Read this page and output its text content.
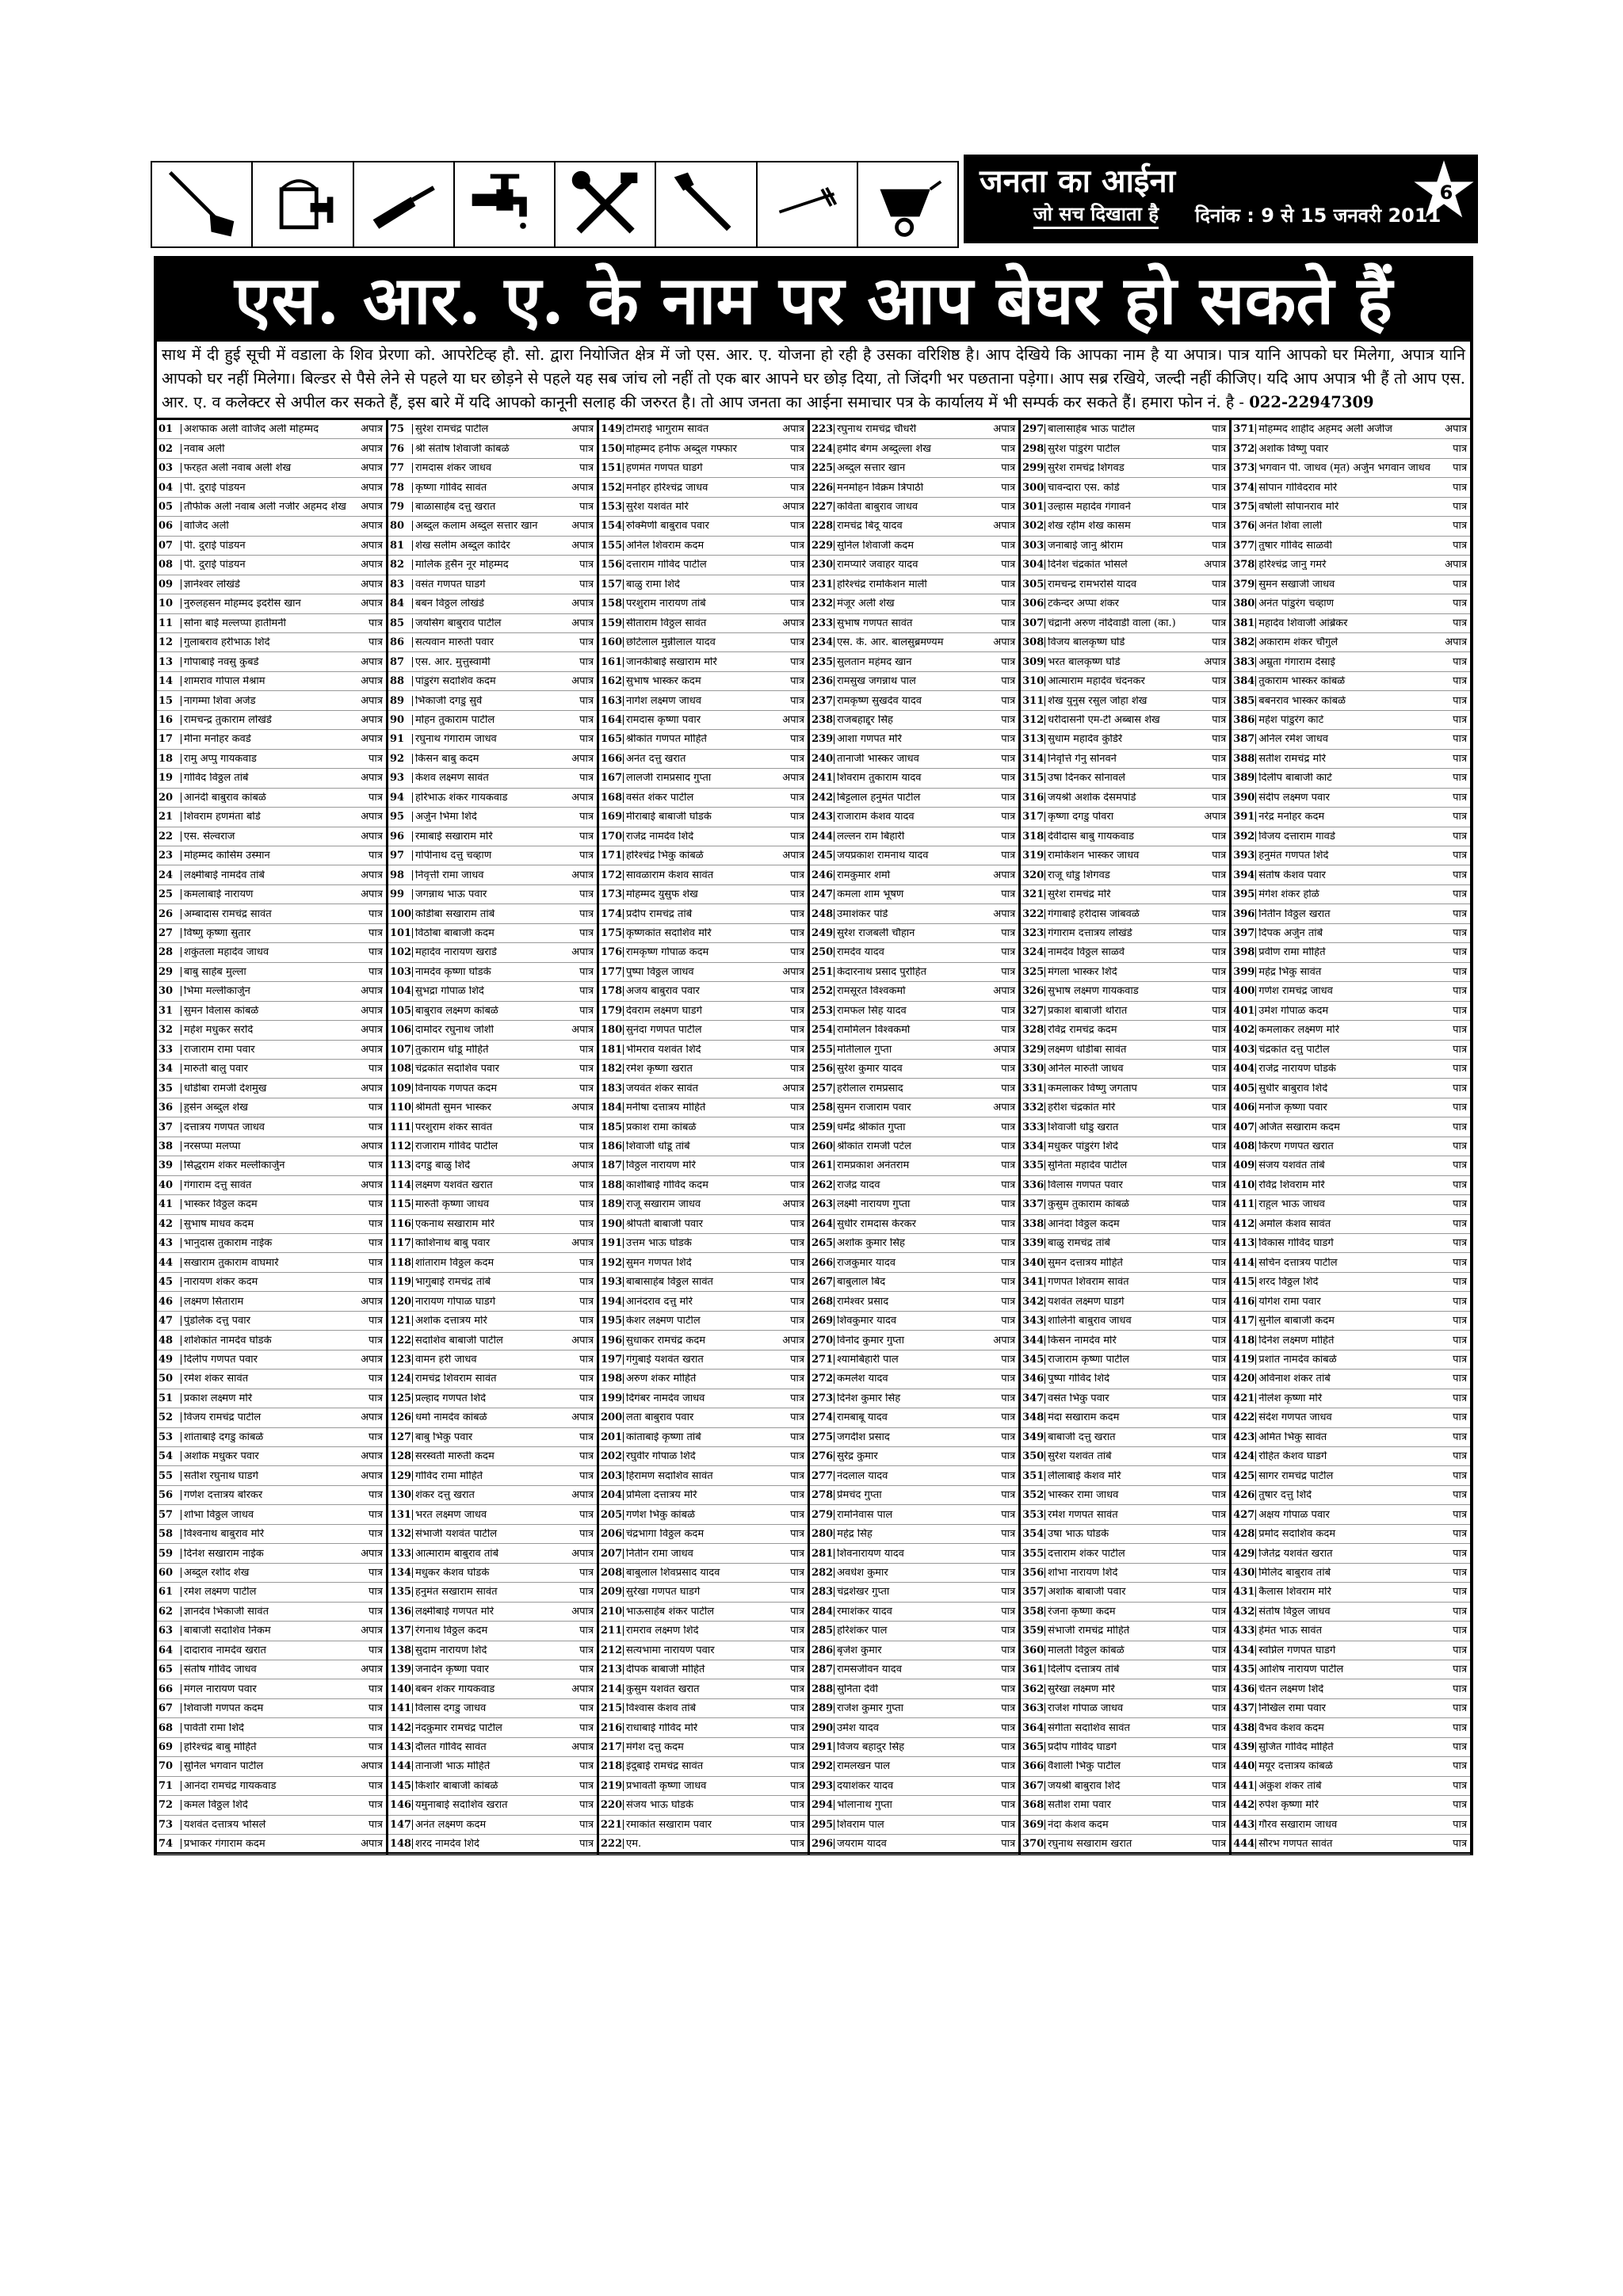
जनता का आईना
जो सच दिखाता है दिनांक : 9 से 15 जनवरी 2011
6
एस. आर. ए. के नाम पर आप बेघर हो सकते हैं
साथ में दी हुई सूची में वडाला के शिव प्रेरणा को. आपरेटिव्ह हौ. सो. द्वारा नियोजित क्षेत्र में जो एस. आर. ए. योजना हो रही है उसका वरिशिष्ठ है। आप देखिये कि आपका नाम है या अपात्र। पात्र यानि आपको घर मिलेगा, अपात्र यानि आपको घर नहीं मिलेगा। बिल्डर से पैसे लेने से पहले या घर छोड़ने से पहले यह सब जांच लो नहीं तो एक बार आपने घर छोड़ दिया, तो जिंदगी भर पछताना पड़ेगा। आप सब्र रखिये, जल्दी नहीं कीजिए। यदि आप अपात्र भी हैं तो आप एस. आर. ए. व कलेक्टर से अपील कर सकते हैं, इस बारे में यदि आपको कानूनी सलाह की जरुरत है। तो आप जनता का आईना समाचार पत्र के कार्यालय में भी सम्पर्क कर सकते हैं। हमारा फोन नं. है - 022-22947309
01	अशफाक अली वाजिद अली मोहम्मद	अपात्र
02	नवाब अली	अपात्र
03	फरहत अली नवाब अली शेख	अपात्र
04	पी. दुराई पांडयन	अपात्र
05	तौफीक अली नवाब अली नजीर अहमद शेख	अपात्र
06	वाजिद अली	अपात्र
07	पी. दुराई पांडयन	अपात्र
08	पी. दुराई पांडयन	अपात्र
09	ज्ञानेश्वर लोखंडे	अपात्र
10	नुरुलहसन मोहम्मद इदरीस खान	अपात्र
11	सोना बाई मल्लप्पा हातीमनी	पात्र
12	गुलाबराव हरीभाऊ शिंदे	पात्र
13	गोपाबाई नवसु कुबडे	अपात्र
14	शामराव गोपाल मेश्राम	अपात्र
15	नागम्मा शिवा अजेंड	अपात्र
16	रामचन्द्र तुकाराम लोखंडे	अपात्र
17	मीना मनोहर कवडे	अपात्र
18	रामु अप्पु गायकवाड	पात्र
19	गोविंद विठ्ठल तांबे	अपात्र
20	आनंदी बाबुराव कांबळे	पात्र
21	शिवराम हणमंता बोडे	अपात्र
22	एस. सेल्वराज	अपात्र
23	मोहम्मद कासिम उस्मान	पात्र
24	लक्ष्मीबाई नामदेव तांबे	अपात्र
25	कमलाबाई नारायण	अपात्र
26	अम्बादास रामचंद्र सावंत	पात्र
27	विष्णु कृष्णा सुतार	पात्र
28	शकुंतला महादेव जाधव	पात्र
29	बाबु साहेब मुल्ला	पात्र
30	भिमा मल्लीकार्जुन	अपात्र
31	सुमन विलास कांबळे	अपात्र
32	महेश मधुकर सरोदे	अपात्र
33	राजाराम रामा पवार	अपात्र
34	मारुती बालु पवार	पात्र
35	धोंडीबा रामजी देशमुख	अपात्र
36	हुसेन अब्दुल शेख	पात्र
37	दत्तात्रय गणपत जाधव	पात्र
38	नरसप्पा मलप्पा	अपात्र
39	सिद्धराम शंकर मल्लीकार्जुन	पात्र
40	गंगाराम दत्तु सावंत	अपात्र
41	भास्कर विठ्ठल कदम	पात्र
42	सुभाष माधव कदम	पात्र
43	भानुदास तुकाराम नाईक	पात्र
44	सखाराम तुकाराम वाघमारे	पात्र
45	नारायण शंकर कदम	पात्र
46	लक्ष्मण सिताराम	अपात्र
47	पुंडलिक दत्तु पवार	पात्र
48	शशिकांत नामदेव घोडके	पात्र
49	दिलीप गणपत पवार	अपात्र
50	रमेश शंकर सावंत	पात्र
51	प्रकाश लक्ष्मण मोरे	पात्र
52	विजय रामचंद्र पाटील	अपात्र
53	शांताबाई दगडु कांबळे	पात्र
54	अशोक मधुकर पवार	अपात्र
55	सतीश रघुनाथ घाडगे	अपात्र
56	गणेश दत्तात्रय बोरकर	पात्र
57	शोभा विठ्ठल जाधव	पात्र
58	विश्वनाथ बाबुराव मोरे	पात्र
59	दिनेश सखाराम नाईक	अपात्र
60	अब्दुल रशीद शेख	पात्र
61	रमेश लक्ष्मण पाटील	पात्र
62	ज्ञानदेव भिकाजी सावंत	पात्र
63	बाबाजी सदाशिव निकम	अपात्र
64	दादाराव नामदेव खरात	पात्र
65	संतोष गोविंद जाधव	अपात्र
66	मंगल नारायण पवार	पात्र
67	शिवाजी गणपत कदम	पात्र
68	पार्वती रामा शिंदे	पात्र
69	हरिश्चंद्र बाबु मोहिते	पात्र
70	सुनिल भगवान पाटील	अपात्र
71	आनंदा रामचंद्र गायकवाड	पात्र
72	कमल विठ्ठल शिंदे	पात्र
73	यशवंत दत्तात्रय भोसले	पात्र
74	प्रभाकर गंगाराम कदम	अपात्र
75	सुरेश रामचंद्र पाटील	अपात्र
76	श्री संतोष शिवाजी कांबळे	पात्र
77	रामदास शंकर जाधव	पात्र
78	कृष्णा गोविंद सावंत	अपात्र
79	बाळासाहेब दत्तु खरात	पात्र
80	अब्दुल कलाम अब्दुल सत्तार खान	अपात्र
81	शेख सलीम अब्दुल कादिर	अपात्र
82	मालिक हुसैन नूर मोहम्मद	पात्र
83	वसंत गणपत घाडगे	पात्र
84	बबन विठ्ठल लोखंडे	अपात्र
85	जयसिंग बाबुराव पाटील	अपात्र
86	सत्यवान मारुती पवार	पात्र
87	एस. आर. मुत्तुस्वामी	पात्र
88	पांडुरंग सदाशिव कदम	अपात्र
89	भिकाजी दगडु सुर्वे	पात्र
90	मोहन तुकाराम पाटील	पात्र
91	रघुनाथ गंगाराम जाधव	पात्र
92	किसन बाबु कदम	अपात्र
93	केशव लक्ष्मण सावंत	पात्र
94	हरिभाऊ शंकर गायकवाड	अपात्र
95	अर्जुन भिमा शिंदे	पात्र
96	रमाबाई सखाराम मोरे	पात्र
97	गोपीनाथ दत्तु चव्हाण	पात्र
98	निवृत्ती रामा जाधव	अपात्र
99	जगन्नाथ भाऊ पवार	पात्र
100 कोंडीबा सखाराम तांबे	पात्र
101 विठोबा बाबाजी कदम	पात्र
102 महादेव नारायण खराडे	अपात्र
103 नामदेव कृष्णा घोडके	पात्र
104 सुभद्रा गोपाळ शिंदे	पात्र
105 बाबुराव लक्ष्मण कांबळे	पात्र
106 दामोदर रघुनाथ जोशी	अपात्र
107 तुकाराम धोंडू मोहिते	पात्र
108 चंद्रकांत सदाशिव पवार	पात्र
109 विनायक गणपत कदम	पात्र
110 श्रीमती सुमन भास्कर	अपात्र
111 परशुराम शंकर सावंत	पात्र
112 राजाराम गोविंद पाटील	पात्र
113 दगडु बाळु शिंदे	अपात्र
114 लक्ष्मण यशवंत खरात	पात्र
115 मारुती कृष्णा जाधव	पात्र
116 एकनाथ सखाराम मोरे	पात्र
117 काशिनाथ बाबु पवार	अपात्र
118 शांताराम विठ्ठल कदम	पात्र
119 भागुबाई रामचंद्र तांबे	पात्र
120 नारायण गोपाळ घाडगे	पात्र
121 अशोक दत्तात्रय मोरे	पात्र
122 सदाशिव बाबाजी पाटील	अपात्र
123 वामन हरी जाधव	पात्र
124 रामचंद्र शिवराम सावंत	पात्र
125 प्रल्हाद गणपत शिंदे	पात्र
126 धर्मा नामदेव कांबळे	अपात्र
127 बाबु भिकु पवार	पात्र
128 सरस्वती मारुती कदम	पात्र
129 गोविंद रामा मोहिते	पात्र
130 शंकर दत्तु खरात	अपात्र
131 भरत लक्ष्मण जाधव	पात्र
132 संभाजी यशवंत पाटील	पात्र
133 आत्माराम बाबुराव तांबे	अपात्र
134 मधुकर केशव घोडके	पात्र
135 हनुमंत सखाराम सावंत	पात्र
136 लक्ष्मीबाई गणपत मोरे	अपात्र
137 रंगनाथ विठ्ठल कदम	पात्र
138 सुदाम नारायण शिंदे	पात्र
139 जनार्दन कृष्णा पवार	पात्र
140 बबन शंकर गायकवाड	अपात्र
141 विलास दगडु जाधव	पात्र
142 नंदकुमार रामचंद्र पाटील	पात्र
143 दौलत गोविंद सावंत	अपात्र
144 तानाजी भाऊ मोहिते	पात्र
145 किशोर बाबाजी कांबळे	पात्र
146 यमुनाबाई सदाशिव खरात	पात्र
147 अनंत लक्ष्मण कदम	पात्र
148 शरद नामदेव शिंदे	पात्र
149 टोमराई भागुराम सावंत	अपात्र
150 मोहम्मद हनीफ अब्दुल गफ्फार	पात्र
151 हणमंत गणपत घाडगे	पात्र
152 मनोहर हरिश्चंद्र जाधव	पात्र
153 सुरेश यशवंत मोरे	अपात्र
154 रुक्मिणी बाबुराव पवार	पात्र
155 अनिल शिवराम कदम	पात्र
156 दत्ताराम गोविंद पाटील	पात्र
157 बाळु रामा शिंदे	पात्र
158 परशुराम नारायण तांबे	पात्र
159 सीताराम विठ्ठल सावंत	अपात्र
160 छोटेलाल मुन्नीलाल यादव	पात्र
161 जानकीबाई सखाराम मोरे	पात्र
162 सुभाष भास्कर कदम	पात्र
163 नागेश लक्ष्मण जाधव	पात्र
164 रामदास कृष्णा पवार	अपात्र
165 श्रीकांत गणपत मोहिते	पात्र
166 अनंत दत्तु खरात	पात्र
167 लालजी रामप्रसाद गुप्ता	अपात्र
168 वसंत शंकर पाटील	पात्र
169 मीराबाई बाबाजी घोडके	पात्र
170 राजेंद्र नामदेव शिंदे	पात्र
171 हरिश्चंद्र भिकु कांबळे	अपात्र
172 सावळाराम केशव सावंत	पात्र
173 मोहम्मद युसुफ शेख	पात्र
174 प्रदीप रामचंद्र तांबे	पात्र
175 कृष्णकांत सदाशिव मोरे	पात्र
176 रामकृष्ण गोपाळ कदम	पात्र
177 पुष्पा विठ्ठल जाधव	अपात्र
178 अजय बाबुराव पवार	पात्र
179 देवराम लक्ष्मण घाडगे	पात्र
180 सुनंदा गणपत पाटील	पात्र
181 भीमराव यशवंत शिंदे	पात्र
182 रमेश कृष्णा खरात	पात्र
183 जयवंत शंकर सावंत	अपात्र
184 मनीषा दत्तात्रय मोहिते	पात्र
185 प्रकाश रामा कांबळे	पात्र
186 शिवाजी धोंडू तांबे	पात्र
187 विठ्ठल नारायण मोरे	पात्र
188 काशीबाई गोविंद कदम	पात्र
189 राजू सखाराम जाधव	अपात्र
190 श्रीपती बाबाजी पवार	पात्र
191 उत्तम भाऊ घोडके	पात्र
192 सुमन गणपत शिंदे	पात्र
193 बाबासाहेब विठ्ठल सावंत	पात्र
194 आनंदराव दत्तु मोरे	पात्र
195 केशर लक्ष्मण पाटील	पात्र
196 सुधाकर रामचंद्र कदम	अपात्र
197 गंगुबाई यशवंत खरात	पात्र
198 अरुण शंकर मोहिते	पात्र
199 दिगंबर नामदेव जाधव	पात्र
200 लता बाबुराव पवार	पात्र
201 कांताबाई कृष्णा तांबे	पात्र
202 रघुवीर गोपाळ शिंदे	पात्र
203 हिरामण सदाशिव सावंत	पात्र
204 प्रमिला दत्तात्रय मोरे	पात्र
205 गणेश भिकु कांबळे	पात्र
206 चंद्रभागा विठ्ठल कदम	पात्र
207 नितीन रामा जाधव	पात्र
208 बाबुलाल शिवप्रसाद यादव	पात्र
209 सुरेखा गणपत घाडगे	पात्र
210 भाऊसाहेब शंकर पाटील	पात्र
211 रामराव लक्ष्मण शिंदे	पात्र
212 सत्यभामा नारायण पवार	पात्र
213 दीपक बाबाजी मोहिते	पात्र
214 कुसुम यशवंत खरात	पात्र
215 विश्वास केशव तांबे	पात्र
216 राधाबाई गोविंद मोरे	पात्र
217 मंगेश दत्तु कदम	पात्र
218 इंदुबाई रामचंद्र सावंत	पात्र
219 प्रभावती कृष्णा जाधव	पात्र
220 संजय भाऊ घोडके	पात्र
221 रमाकांत सखाराम पवार	पात्र
222 एम.	पात्र
223 रघुनाथ रामचंद्र चौधरी	अपात्र
224 हमीद बेगम अब्दुल्ला शेख	पात्र
225 अब्दुल सत्तार खान	पात्र
226 मनमोहन विक्रम त्रिपाठी	पात्र
227 कविता बाबुराव जाधव	पात्र
228 रामचंद्र बिंदू यादव	अपात्र
229 सुनिल शिवाजी कदम	पात्र
230 रामप्यारे जवाहर यादव	पात्र
231 हरिश्चंद्र रामकिशन माली	पात्र
232 मंजूर अली शेख	पात्र
233 सुभाष गणपत सावंत	पात्र
234 एस. के. आर. बालसुब्रमण्यम	अपात्र
235 सुलतान महंमद खान	पात्र
236 रामसुख जगन्नाथ पाल	पात्र
237 रामकृष्ण सुखदेव यादव	पात्र
238 राजबहाद्दूर सिंह	पात्र
239 आशा गणपत मोरे	पात्र
240 तानाजी भास्कर जाधव	पात्र
241 शिवराम तुकाराम यादव	पात्र
242 बिट्टूलाल हनुमंत पाटील	पात्र
243 राजाराम केशव यादव	पात्र
244 लल्लन राम बिहारी	पात्र
245 जयप्रकाश रामनाथ यादव	पात्र
246 रामकुमार शर्मा	अपात्र
247 कमला शाम भूषण	पात्र
248 उमाशंकर पांडे	अपात्र
249 सुरेश राजबली चौहान	पात्र
250 रामदेव यादव	पात्र
251 केदारनाथ प्रसाद पुरोहित	पात्र
252 रामसूरत विश्वकर्मा	अपात्र
253 रामफल सिंह यादव	पात्र
254 राममिलन विश्वकर्मा	पात्र
255 मोतीलाल गुप्ता	अपात्र
256 सुरेश कुमार यादव	पात्र
257 हरीलाल रामप्रसाद	पात्र
258 सुमन राजाराम पवार	अपात्र
259 धर्मेंद्र श्रीकांत गुप्ता	पात्र
260 श्रीकांत रामजी पटेल	पात्र
261 रामप्रकाश अनंतराम	पात्र
262 राजेंद्र यादव	पात्र
263 लक्ष्मी नारायण गुप्ता	पात्र
264 सुधीर रामदास केरकर	पात्र
265 अशोक कुमार सिंह	पात्र
266 राजकुमार यादव	पात्र
267 बाबुलाल बिंद	पात्र
268 रामेश्वर प्रसाद	पात्र
269 शिवकुमार यादव	पात्र
270 विनोद कुमार गुप्ता	अपात्र
271 श्यामबिहारी पाल	पात्र
272 कमलेश यादव	पात्र
273 दिनेश कुमार सिंह	पात्र
274 रामबाबू यादव	पात्र
275 जगदीश प्रसाद	पात्र
276 सुरेंद्र कुमार	पात्र
277 नंदलाल यादव	पात्र
278 प्रेमचंद गुप्ता	पात्र
279 रामनिवास पाल	पात्र
280 महेंद्र सिंह	पात्र
281 शिवनारायण यादव	पात्र
282 अवधेश कुमार	पात्र
283 चंद्रशेखर गुप्ता	पात्र
284 रमाशंकर यादव	पात्र
285 हरिशंकर पाल	पात्र
286 बृजेश कुमार	पात्र
287 रामसजीवन यादव	पात्र
288 सुनिता देवी	पात्र
289 राजेश कुमार गुप्ता	पात्र
290 उमेश यादव	पात्र
291 विजय बहादुर सिंह	पात्र
292 रामलखन पाल	पात्र
293 दयाशंकर यादव	पात्र
294 भोलानाथ गुप्ता	पात्र
295 शिवराम पाल	पात्र
296 जयराम यादव	पात्र
297 बालासाहेब भाऊ पाटील	पात्र
298 सुरेश पांडुरंग पाटील	पात्र
299 सुरेश रामचंद्र शिंगवड	पात्र
300 चावन्दारा एस. कोंडे	पात्र
301 उल्हास महादेव गंगावने	पात्र
302 शेख रहीम शेख कासम	पात्र
303 जनाबाई जानु श्रीराम	पात्र
304 दिनेश चंद्रकांत भोसले	अपात्र
305 रामचन्द्र रामभरोसे यादव	पात्र
306 टकेन्दर अप्पा शंकर	पात्र
307 चंद्रानी अरुण नंदिवाडी वाला (का.)	पात्र
308 विजय बालकृष्ण घोडे	पात्र
309 भरत बालकृष्ण घोडे	अपात्र
310 आत्माराम महादेव चंदनकर	पात्र
311 शेख युनुस रसुल जोहा शेख	पात्र
312 धरीदासनी एम-टी अब्बास शेख	पात्र
313 सुधाम महादेव कुंडिरे	पात्र
314 निवृत्ति गेनु सोनवने	पात्र
315 उषा दिनकर सोनावले	पात्र
316 जयश्री अशोक देसमपांडे	पात्र
317 कृष्णा दगडु पोवरा	अपात्र
318 देवीदास बाबु गायकवाड	पात्र
319 रामकिशन भास्कर जाधव	पात्र
320 राजू धोंडु शिंगवड	पात्र
321 सुरेश रामचंद्र मोरे	पात्र
322 गंगाबाई हरीदास जांबवळे	पात्र
323 गंगाराम दत्तात्रय लोखंडे	पात्र
324 नामदेव विठ्ठल साळवे	पात्र
325 मंगला भास्कर शिंदे	पात्र
326 सुभाष लक्ष्मण गायकवाड	पात्र
327 प्रकाश बाबाजी थोरात	पात्र
328 रविंद्र रामचंद्र कदम	पात्र
329 लक्ष्मण धोंडीबा सावंत	पात्र
330 अनिल मारुती जाधव	पात्र
331 कमलाकर विष्णु जगताप	पात्र
332 हरीश चंद्रकांत मोरे	पात्र
333 शिवाजी धोंडु खरात	पात्र
334 मधुकर पांडुरंग शिंदे	पात्र
335 सुनिता महादेव पाटील	पात्र
336 विलास गणपत पवार	पात्र
337 कुसुम तुकाराम कांबळे	पात्र
338 आनंदा विठ्ठल कदम	पात्र
339 बाळु रामचंद्र तांबे	पात्र
340 सुमन दत्तात्रय मोहिते	पात्र
341 गणपत शिवराम सावंत	पात्र
342 यशवंत लक्ष्मण घाडगे	पात्र
343 शालिनी बाबुराव जाधव	पात्र
344 किसन नामदेव मोरे	पात्र
345 राजाराम कृष्णा पाटील	पात्र
346 पुष्पा गोविंद शिंदे	पात्र
347 वसंत भिकु पवार	पात्र
348 मंदा सखाराम कदम	पात्र
349 बाबाजी दत्तु खरात	पात्र
350 सुरेश यशवंत तांबे	पात्र
351 लीलाबाई केशव मोरे	पात्र
352 भास्कर रामा जाधव	पात्र
353 रमेश गणपत सावंत	पात्र
354 उषा भाऊ घोडके	पात्र
355 दत्ताराम शंकर पाटील	पात्र
356 शोभा नारायण शिंदे	पात्र
357 अशोक बाबाजी पवार	पात्र
358 रंजना कृष्णा कदम	पात्र
359 संभाजी रामचंद्र मोहिते	पात्र
360 मालती विठ्ठल कांबळे	पात्र
361 दिलीप दत्तात्रय तांबे	पात्र
362 सुरेखा लक्ष्मण मोरे	पात्र
363 राजेश गोपाळ जाधव	पात्र
364 संगीता सदाशिव सावंत	पात्र
365 प्रदीप गोविंद घाडगे	पात्र
366 वैशाली भिकु पाटील	पात्र
367 जयश्री बाबुराव शिंदे	पात्र
368 सतीश रामा पवार	पात्र
369 नंदा केशव कदम	पात्र
370 रघुनाथ सखाराम खरात	पात्र
371 मोहम्मद शाहीद अहमद अली अजीज	अपात्र
372 अशोक विष्णु पवार	पात्र
373 भगवान पी. जाधव (मृत) अर्जुन भगवान जाधव	पात्र
374 सोपान गोविंदराव मोरे	पात्र
375 वर्षाली सोपानराव मोरे	पात्र
376 अनंत शिवा लाली	पात्र
377 तुषार गोविंद साळवी	पात्र
378 हरिश्चंद्र जानु गमरे	अपात्र
379 सुमन सखाजी जाधव	पात्र
380 अनंत पांडुरंग चव्हाण	पात्र
381 महादेव शिवाजी आंब्रेकर	पात्र
382 अकाराम शंकर चौगुले	अपात्र
383 अम्रुता गंगाराम देसाई	पात्र
384 तुकाराम भास्कर कांबळे	पात्र
385 बबनराव भास्कर कांबळे	पात्र
386 महेश पांडुरंग काटे	पात्र
387 अनिल रमेश जाधव	पात्र
388 सतीश रामचंद्र मोरे	पात्र
389 दिलीप बाबाजी काटे	पात्र
390 संदीप लक्ष्मण पवार	पात्र
391 नरेंद्र मनोहर कदम	पात्र
392 विजय दत्ताराम गावडे	पात्र
393 हनुमंत गणपत शिंदे	पात्र
394 संतोष केशव पवार	पात्र
395 मंगेश शंकर होळे	पात्र
396 नितीन विठ्ठल खरात	पात्र
397 दिपक अर्जुन तांबे	पात्र
398 प्रवीण रामा मोहिते	पात्र
399 महेंद्र भिकु सावंत	पात्र
400 गणेश रामचंद्र जाधव	पात्र
401 उमेश गोपाळ कदम	पात्र
402 कमलाकर लक्ष्मण मोरे	पात्र
403 चंद्रकांत दत्तु पाटील	पात्र
404 राजेंद्र नारायण घोडके	पात्र
405 सुधीर बाबुराव शिंदे	पात्र
406 मनोज कृष्णा पवार	पात्र
407 अजित सखाराम कदम	पात्र
408 किरण गणपत खरात	पात्र
409 संजय यशवंत तांबे	पात्र
410 रविंद्र शिवराम मोरे	पात्र
411 राहुल भाऊ जाधव	पात्र
412 अमोल केशव सावंत	पात्र
413 विकास गोविंद घाडगे	पात्र
414 सचिन दत्तात्रय पाटील	पात्र
415 शरद विठ्ठल शिंदे	पात्र
416 योगेश रामा पवार	पात्र
417 सुनील बाबाजी कदम	पात्र
418 दिनेश लक्ष्मण मोहिते	पात्र
419 प्रशांत नामदेव कांबळे	पात्र
420 अविनाश शंकर तांबे	पात्र
421 नीलेश कृष्णा मोरे	पात्र
422 संदेश गणपत जाधव	पात्र
423 अमित भिकु सावंत	पात्र
424 रोहित केशव घाडगे	पात्र
425 सागर रामचंद्र पाटील	पात्र
426 तुषार दत्तु शिंदे	पात्र
427 अक्षय गोपाळ पवार	पात्र
428 प्रमोद सदाशिव कदम	पात्र
429 जितेंद्र यशवंत खरात	पात्र
430 मिलिंद बाबुराव तांबे	पात्र
431 कैलास शिवराम मोरे	पात्र
432 संतोष विठ्ठल जाधव	पात्र
433 हेमंत भाऊ सावंत	पात्र
434 स्वप्निल गणपत घाडगे	पात्र
435 आशिष नारायण पाटील	पात्र
436 चेतन लक्ष्मण शिंदे	पात्र
437 निखिल रामा पवार	पात्र
438 वैभव केशव कदम	पात्र
439 सुजित गोविंद मोहिते	पात्र
440 मयूर दत्तात्रय कांबळे	पात्र
441 अंकुश शंकर तांबे	पात्र
442 रुपेश कृष्णा मोरे	पात्र
443 गौरव सखाराम जाधव	पात्र
444 सौरभ गणपत सावंत	पात्र
